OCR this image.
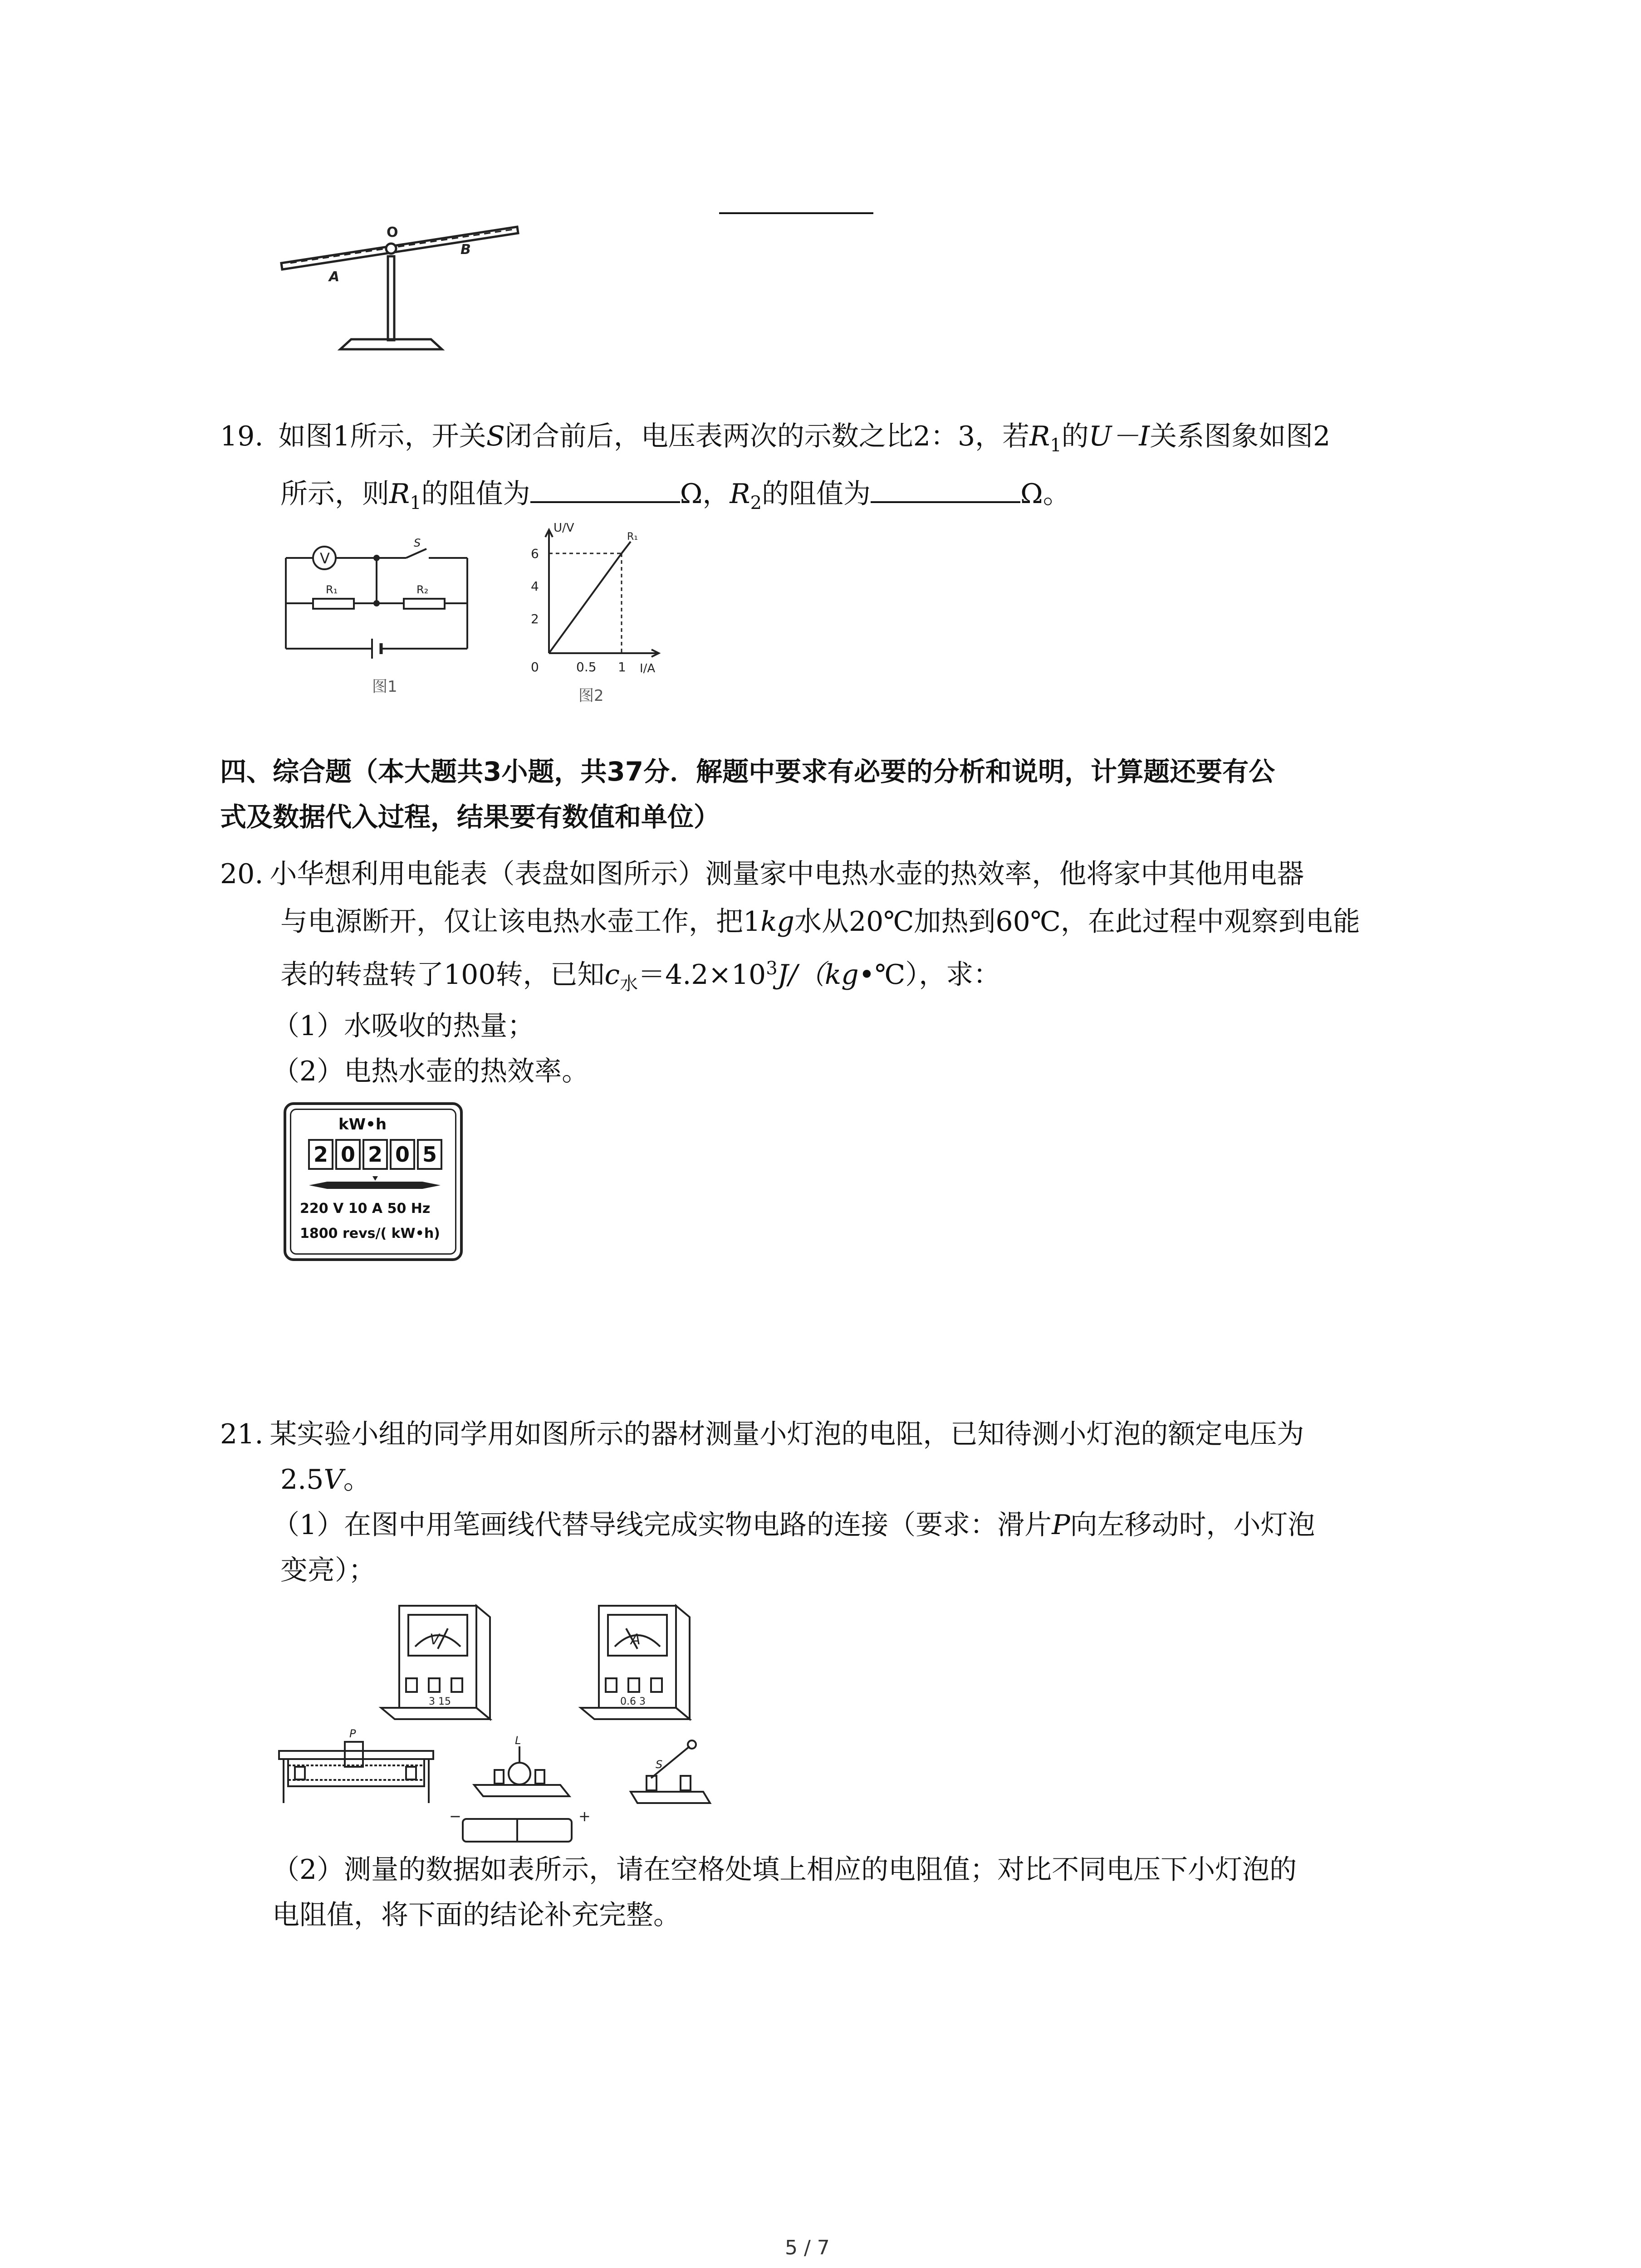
O
A
B
19. 如图1所示，开关S闭合前后，电压表两次的示数之比2：3，若$R_1$的U－I关系图象如图2
所示，则$R_1$的阻值为	Ω，$R_2$的阻值为	Ω。
V
S
R₁	R₂
图1
U/V
R₁
6
4
2
0	0.5 1 I/A
图2
四、综合题（本大题共3小题，共37分．解题中要求有必要的分析和说明，计算题还要有公
式及数据代入过程，结果要有数值和单位）
20. 小华想利用电能表（表盘如图所示）测量家中电热水壶的热效率，他将家中其他用电器
与电源断开，仅让该电热水壶工作，把1kg水从20℃加热到60℃，在此过程中观察到电能
表的转盘转了100转，已知$c_水=4.2\times 10^3J/(kg•℃)$，求：
（1）水吸收的热量；
（2）电热水壶的热效率。
kW•h
2 0 2 0 5
220 V 10 A 50 Hz
1800 revs/( kW•h)
21. 某实验小组的同学用如图所示的器材测量小灯泡的电阻，已知待测小灯泡的额定电压为
2.5V。
（1）在图中用笔画线代替导线完成实物电路的连接（要求：滑片P向左移动时，小灯泡
变亮）；
V	A
3 15	0.6 3
P
L
S
−	+
（2）测量的数据如表所示，请在空格处填上相应的电阻值；对比不同电压下小灯泡的
电阻值，将下面的结论补充完整。
5 / 7
